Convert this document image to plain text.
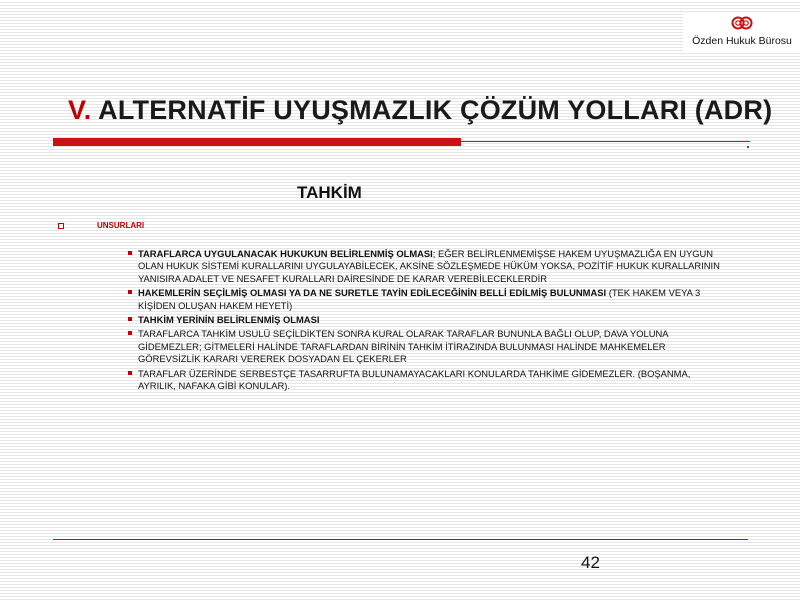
Özden Hukuk Bürosu
V. ALTERNATİF UYUŞMAZLIK ÇÖZÜM YOLLARI (ADR)
TAHKİM
UNSURLARI
TARAFLARCA UYGULANACAK HUKUKUN BELİRLENMİŞ OLMASI; EĞER BELİRLENMEMİŞSE HAKEM UYUŞMAZLIĞA EN UYGUN OLAN HUKUK SİSTEMİ KURALLARINI UYGULAYABİLECEK, AKSİNE SÖZLEŞMEDE HÜKÜM YOKSA, POZİTİF HUKUK KURALLARININ YANISIRA ADALET VE NESAFET KURALLARI DAİRESİNDE DE KARAR VEREBİLECEKLERDİR
HAKEMLERİN SEÇİLMİŞ OLMASI YA DA NE SURETLE TAYİN EDİLECEĞİNİN BELLİ EDİLMİŞ BULUNMASI (TEK HAKEM VEYA 3 KİŞİDEN OLUŞAN HAKEM HEYETİ)
TAHKİM YERİNİN BELİRLENMİŞ OLMASI
TARAFLARCA TAHKİM USULÜ SEÇİLDİKTEN SONRA KURAL OLARAK TARAFLAR BUNUNLA BAĞLI OLUP, DAVA YOLUNA GİDEMEZLER; GİTMELERİ HALİNDE TARAFLARDAN BİRİNİN TAHKİM İTİRAZINDA BULUNMASI HALİNDE MAHKEMELER GÖREVSİZLİK KARARI VEREREK DOSYADAN EL ÇEKERLER
TARAFLAR ÜZERİNDE SERBESTÇE TASARRUFTA BULUNAMAYACAKLARI KONULARDA TAHKİME GİDEMEZLER. (BOŞANMA, AYRILIK, NAFAKA GİBİ KONULAR).
42
